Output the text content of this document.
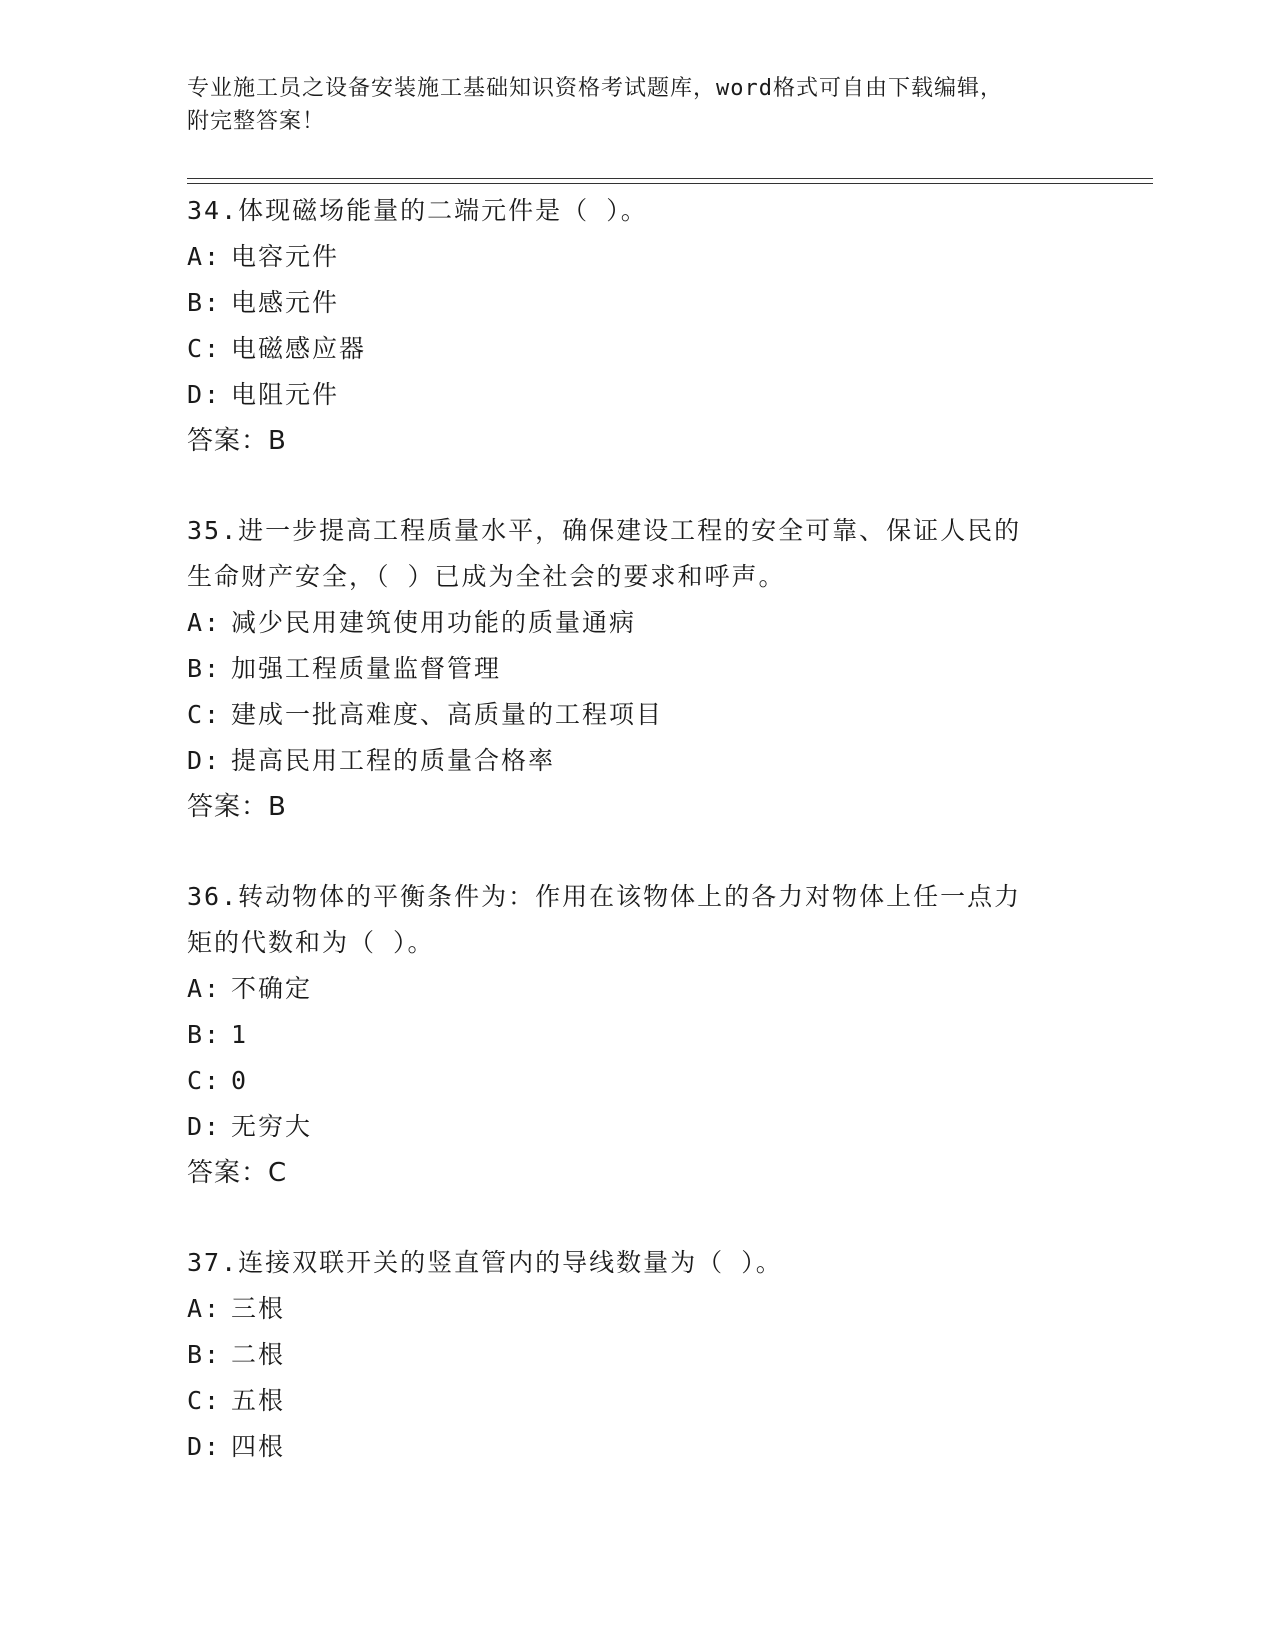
专业施工员之设备安装施工基础知识资格考试题库，word格式可自由下载编辑，
附完整答案！

34.体现磁场能量的二端元件是（ ）。

A: 电容元件

B: 电感元件

C: 电磁感应器

D: 电阻元件

答案：B

35.进一步提高工程质量水平，确保建设工程的安全可靠、保证人民的

生命财产安全，（ ）已成为全社会的要求和呼声。

A: 减少民用建筑使用功能的质量通病

B: 加强工程质量监督管理

C: 建成一批高难度、高质量的工程项目

D: 提高民用工程的质量合格率

答案：B

36.转动物体的平衡条件为：作用在该物体上的各力对物体上任一点力

矩的代数和为（ ）。

A: 不确定

B: 1

C: 0

D: 无穷大

答案：C

37.连接双联开关的竖直管内的导线数量为（ ）。

A: 三根

B: 二根

C: 五根

D: 四根
